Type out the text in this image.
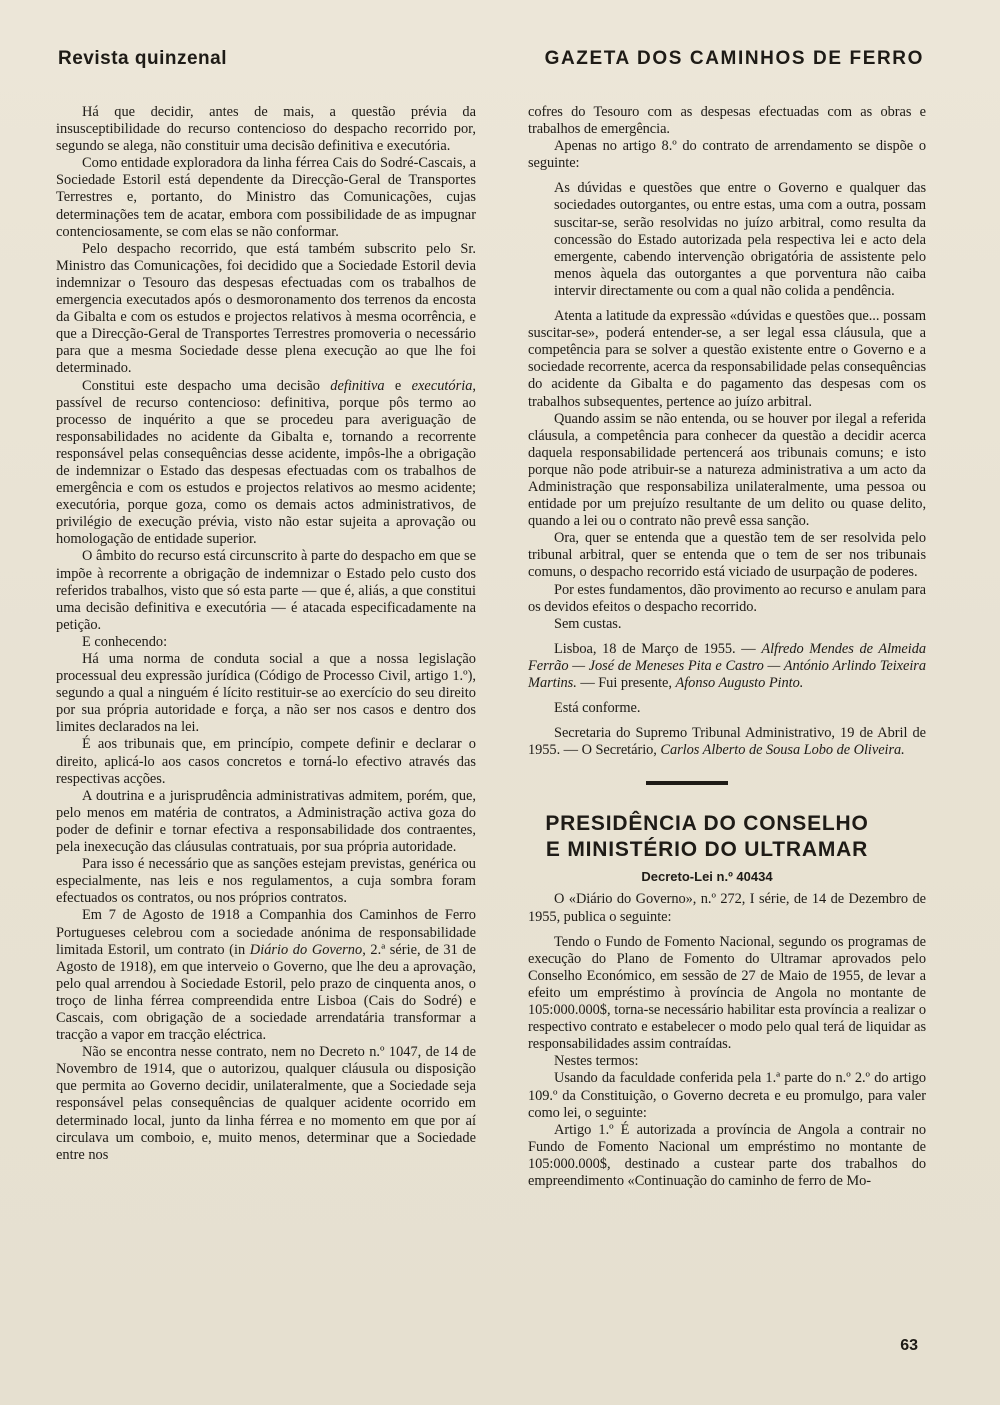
Revista quinzenal	GAZETA DOS CAMINHOS DE FERRO

Há que decidir, antes de mais, a questão prévia da insusceptibilidade do recurso contencioso do despacho recorrido por, segundo se alega, não constituir uma decisão definitiva e executória.

Como entidade exploradora da linha férrea Cais do Sodré-Cascais, a Sociedade Estoril está dependente da Direcção-Geral de Transportes Terrestres e, portanto, do Ministro das Comunicações, cujas determinações tem de acatar, embora com possibilidade de as impugnar contenciosamente, se com elas se não conformar.

Pelo despacho recorrido, que está também subscrito pelo Sr. Ministro das Comunicações, foi decidido que a Sociedade Estoril devia indemnizar o Tesouro das despesas efectuadas com os trabalhos de emergencia executados após o desmoronamento dos terrenos da encosta da Gibalta e com os estudos e projectos relativos à mesma ocorrência, e que a Direcção-Geral de Transportes Terrestres promoveria o necessário para que a mesma Sociedade desse plena execução ao que lhe foi determinado.

Constitui este despacho uma decisão definitiva e executória, passível de recurso contencioso: definitiva, porque pôs termo ao processo de inquérito a que se procedeu para averiguação de responsabilidades no acidente da Gibalta e, tornando a recorrente responsável pelas consequências desse acidente, impôs-lhe a obrigação de indemnizar o Estado das despesas efectuadas com os trabalhos de emergência e com os estudos e projectos relativos ao mesmo acidente; executória, porque goza, como os demais actos administrativos, de privilégio de execução prévia, visto não estar sujeita a aprovação ou homologação de entidade superior.

O âmbito do recurso está circunscrito à parte do despacho em que se impõe à recorrente a obrigação de indemnizar o Estado pelo custo dos referidos trabalhos, visto que só esta parte — que é, aliás, a que constitui uma decisão definitiva e executória — é atacada especificadamente na petição.

E conhecendo:

Há uma norma de conduta social a que a nossa legislação processual deu expressão jurídica (Código de Processo Civil, artigo 1.º), segundo a qual a ninguém é lícito restituir-se ao exercício do seu direito por sua própria autoridade e força, a não ser nos casos e dentro dos limites declarados na lei.

É aos tribunais que, em princípio, compete definir e declarar o direito, aplicá-lo aos casos concretos e torná-lo efectivo através das respectivas acções.

A doutrina e a jurisprudência administrativas admitem, porém, que, pelo menos em matéria de contratos, a Administração activa goza do poder de definir e tornar efectiva a responsabilidade dos contraentes, pela inexecução das cláusulas contratuais, por sua própria autoridade.

Para isso é necessário que as sanções estejam previstas, genérica ou especialmente, nas leis e nos regulamentos, a cuja sombra foram efectuados os contratos, ou nos próprios contratos.

Em 7 de Agosto de 1918 a Companhia dos Caminhos de Ferro Portugueses celebrou com a sociedade anónima de responsabilidade limitada Estoril, um contrato (in Diário do Governo, 2.ª série, de 31 de Agosto de 1918), em que interveio o Governo, que lhe deu a aprovação, pelo qual arrendou à Sociedade Estoril, pelo prazo de cinquenta anos, o troço de linha férrea compreendida entre Lisboa (Cais do Sodré) e Cascais, com obrigação de a sociedade arrendatária transformar a tracção a vapor em tracção eléctrica.

Não se encontra nesse contrato, nem no Decreto n.º 1047, de 14 de Novembro de 1914, que o autorizou, qualquer cláusula ou disposição que permita ao Governo decidir, unilateralmente, que a Sociedade seja responsável pelas consequências de qualquer acidente ocorrido em determinado local, junto da linha férrea e no momento em que por aí circulava um comboio, e, muito menos, determinar que a Sociedade entre nos

cofres do Tesouro com as despesas efectuadas com as obras e trabalhos de emergência.

Apenas no artigo 8.º do contrato de arrendamento se dispõe o seguinte:

As dúvidas e questões que entre o Governo e qualquer das sociedades outorgantes, ou entre estas, uma com a outra, possam suscitar-se, serão resolvidas no juízo arbitral, como resulta da concessão do Estado autorizada pela respectiva lei e acto dela emergente, cabendo intervenção obrigatória de assistente pelo menos àquela das outorgantes a que porventura não caiba intervir directamente ou com a qual não colida a pendência.

Atenta a latitude da expressão «dúvidas e questões que... possam suscitar-se», poderá entender-se, a ser legal essa cláusula, que a competência para se solver a questão existente entre o Governo e a sociedade recorrente, acerca da responsabilidade pelas consequências do acidente da Gibalta e do pagamento das despesas com os trabalhos subsequentes, pertence ao juízo arbitral.

Quando assim se não entenda, ou se houver por ilegal a referida cláusula, a competência para conhecer da questão a decidir acerca daquela responsabilidade pertencerá aos tribunais comuns; e isto porque não pode atribuir-se a natureza administrativa a um acto da Administração que responsabiliza unilateralmente, uma pessoa ou entidade por um prejuízo resultante de um delito ou quase delito, quando a lei ou o contrato não prevê essa sanção.

Ora, quer se entenda que a questão tem de ser resolvida pelo tribunal arbitral, quer se entenda que o tem de ser nos tribunais comuns, o despacho recorrido está viciado de usurpação de poderes.

Por estes fundamentos, dão provimento ao recurso e anulam para os devidos efeitos o despacho recorrido.

Sem custas.

Lisboa, 18 de Março de 1955. — Alfredo Mendes de Almeida Ferrão — José de Meneses Pita e Castro — António Arlindo Teixeira Martins. — Fui presente, Afonso Augusto Pinto.

Está conforme.

Secretaria do Supremo Tribunal Administrativo, 19 de Abril de 1955. — O Secretário, Carlos Alberto de Sousa Lobo de Oliveira.

PRESIDÊNCIA DO CONSELHO
E MINISTÉRIO DO ULTRAMAR
Decreto-Lei n.º 40434

O «Diário do Governo», n.º 272, I série, de 14 de Dezembro de 1955, publica o seguinte:

Tendo o Fundo de Fomento Nacional, segundo os programas de execução do Plano de Fomento do Ultramar aprovados pelo Conselho Económico, em sessão de 27 de Maio de 1955, de levar a efeito um empréstimo à província de Angola no montante de 105:000.000$, torna-se necessário habilitar esta província a realizar o respectivo contrato e estabelecer o modo pelo qual terá de liquidar as responsabilidades assim contraídas.

Nestes termos:

Usando da faculdade conferida pela 1.ª parte do n.º 2.º do artigo 109.º da Constituição, o Governo decreta e eu promulgo, para valer como lei, o seguinte:

Artigo 1.º É autorizada a província de Angola a contrair no Fundo de Fomento Nacional um empréstimo no montante de 105:000.000$, destinado a custear parte dos trabalhos do empreendimento «Continuação do caminho de ferro de Mo-

63
